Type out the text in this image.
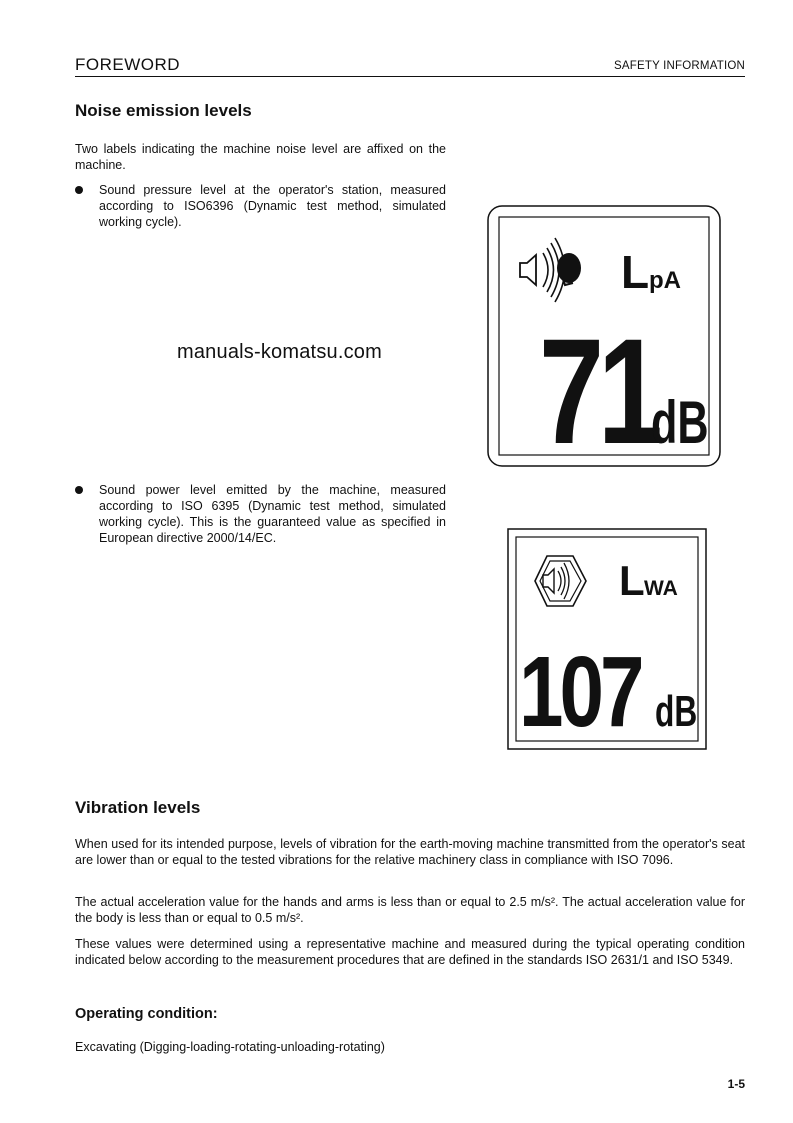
FOREWORD	SAFETY INFORMATION
Noise emission levels

Two labels indicating the machine noise level are affixed on the machine.

Sound pressure level at the operator's station, measured according to ISO6396 (Dynamic test method, simulated working cycle).
Sound power level emitted by the machine, measured according to ISO 6395 (Dynamic test method, simulated working cycle). This is the guaranteed value as specified in European directive 2000/14/EC.
manuals-komatsu.com
L pA
71
dB
L WA
107 dB
Vibration levels

When used for its intended purpose, levels of vibration for the earth-moving machine transmitted from the operator's seat are lower than or equal to the tested vibrations for the relative machinery class in compliance with ISO 7096.

The actual acceleration value for the hands and arms is less than or equal to 2.5 m/s². The actual acceleration value for the body is less than or equal to 0.5 m/s².

These values were determined using a representative machine and measured during the typical operating condition indicated below according to the measurement procedures that are defined in the standards ISO 2631/1 and ISO 5349.

Operating condition:

Excavating (Digging-loading-rotating-unloading-rotating)

1-5
